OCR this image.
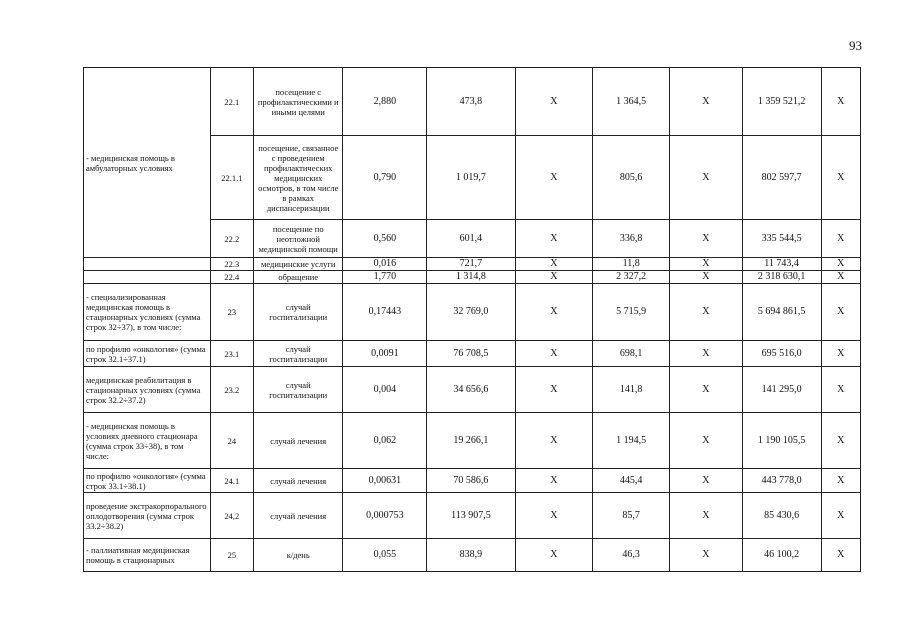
93
- медицинская помощь в амбулаторных условиях	22.1	посещение с профилактическими и иными целями	2,880	473,8	Х	1 364,5	Х	1 359 521,2	Х
	22.1.1	посещение, связанное с проведением профилактических медицинских осмотров, в том числе в рамках диспансеризации	0,790	1 019,7	Х	805,6	Х	802 597,7	Х
	22.2	посещение по неотложной медицинской помощи	0,560	601,4	Х	336,8	Х	335 544,5	Х
	22.3	медицинские услуги	0,016	721,7	Х	11,8	Х	11 743,4	Х
	22.4	обращение	1,770	1 314,8	Х	2 327,2	Х	2 318 630,1	Х
- специализированная медицинская помощь в стационарных условиях (сумма строк 32÷37), в том числе:	23	случай госпитализации	0,17443	32 769,0	Х	5 715,9	Х	5 694 861,5	Х
по профилю «онкология» (сумма строк 32.1÷37.1)	23.1	случай госпитализации	0,0091	76 708,5	Х	698,1	Х	695 516,0	Х
медицинская реабилитация в стационарных условиях (сумма строк 32.2÷37.2)	23.2	случай госпитализации	0,004	34 656,6	Х	141,8	Х	141 295,0	Х
- медицинская помощь в условиях дневного стационара (сумма строк 33÷38), в том числе:	24	случай лечения	0,062	19 266,1	Х	1 194,5	Х	1 190 105,5	Х
по профилю «онкология» (сумма строк 33.1÷38.1)	24.1	случай лечения	0,00631	70 586,6	Х	445,4	Х	443 778,0	Х
проведение экстракорпорального оплодотворения (сумма строк 33.2÷38.2)	24,2	случай лечения	0,000753	113 907,5	Х	85,7	Х	85 430,6	Х
- паллиативная медицинская помощь в стационарных	25	к/день	0,055	838,9	Х	46,3	Х	46 100,2	Х
